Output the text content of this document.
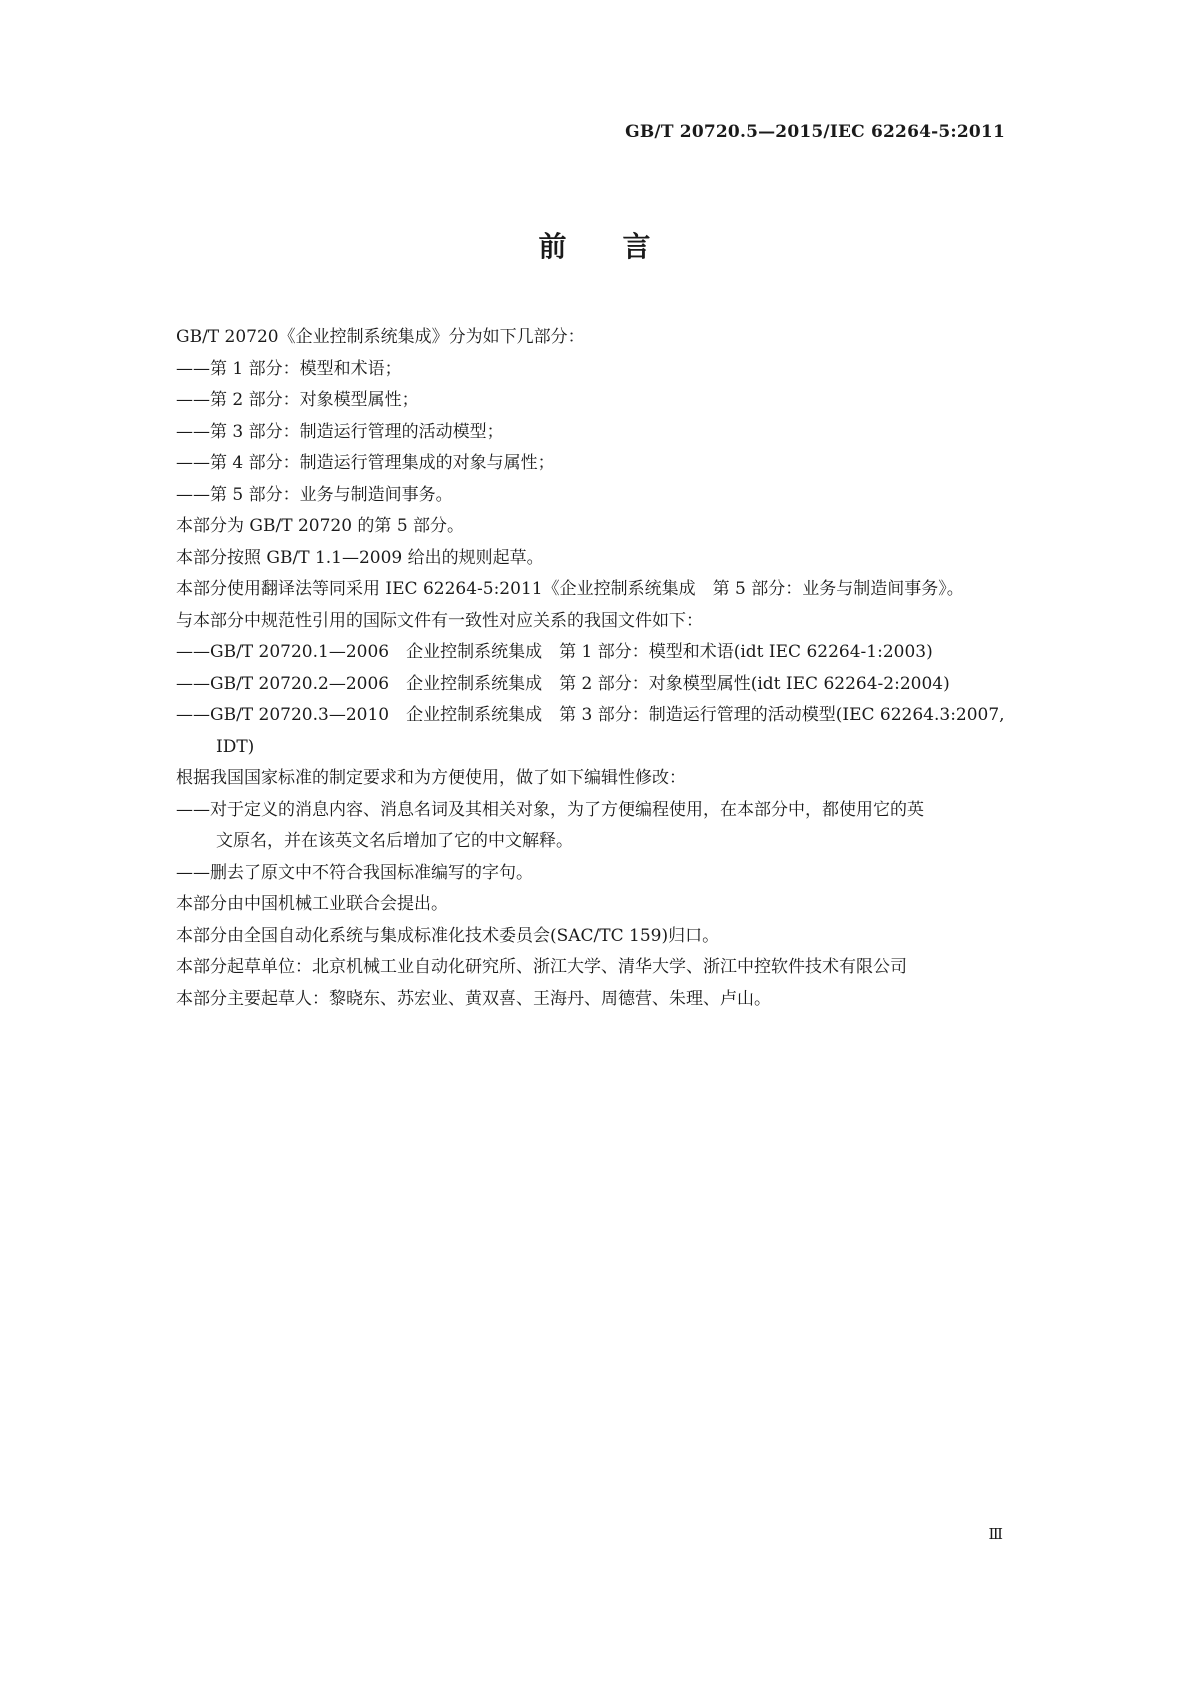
GB/T 20720.5—2015/IEC 62264-5:2011
前 言
GB/T 20720《企业控制系统集成》分为如下几部分：
——第 1 部分：模型和术语；
——第 2 部分：对象模型属性；
——第 3 部分：制造运行管理的活动模型；
——第 4 部分：制造运行管理集成的对象与属性；
——第 5 部分：业务与制造间事务。
本部分为 GB/T 20720 的第 5 部分。
本部分按照 GB/T 1.1—2009 给出的规则起草。
本部分使用翻译法等同采用 IEC 62264-5:2011《企业控制系统集成　第 5 部分：业务与制造间事务》。
与本部分中规范性引用的国际文件有一致性对应关系的我国文件如下：
——GB/T 20720.1—2006　企业控制系统集成　第 1 部分：模型和术语(idt IEC 62264-1:2003)
——GB/T 20720.2—2006　企业控制系统集成　第 2 部分：对象模型属性(idt IEC 62264-2:2004)
——GB/T 20720.3—2010　企业控制系统集成　第 3 部分：制造运行管理的活动模型(IEC 62264.3:2007,
IDT)
根据我国国家标准的制定要求和为方便使用，做了如下编辑性修改：
——对于定义的消息内容、消息名词及其相关对象，为了方便编程使用，在本部分中，都使用它的英
文原名，并在该英文名后增加了它的中文解释。
——删去了原文中不符合我国标准编写的字句。
本部分由中国机械工业联合会提出。
本部分由全国自动化系统与集成标准化技术委员会(SAC/TC 159)归口。
本部分起草单位：北京机械工业自动化研究所、浙江大学、清华大学、浙江中控软件技术有限公司
本部分主要起草人：黎晓东、苏宏业、黄双喜、王海丹、周德营、朱理、卢山。
Ⅲ
